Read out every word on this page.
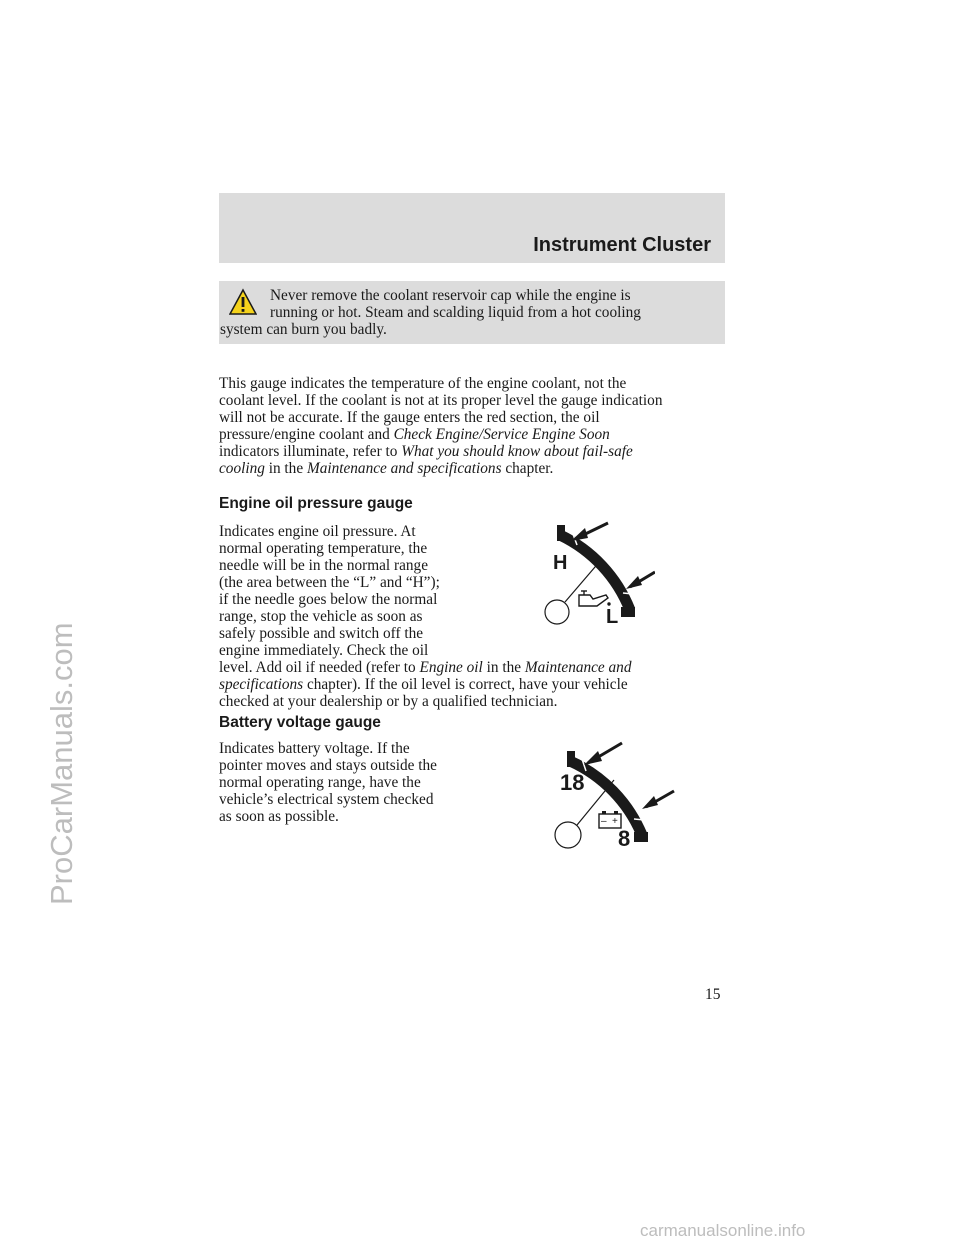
ProCarManuals.com
carmanualsonline.info
Instrument Cluster

Never remove the coolant reservoir cap while the engine is
running or hot. Steam and scalding liquid from a hot cooling
system can burn you badly.

This gauge indicates the temperature of the engine coolant, not the
coolant level. If the coolant is not at its proper level the gauge indication
will not be accurate. If the gauge enters the red section, the oil
pressure/engine coolant and Check Engine/Service Engine Soon
indicators illuminate, refer to What you should know about fail-safe
cooling in the Maintenance and specifications chapter.
Engine oil pressure gauge
Indicates engine oil pressure. At
normal operating temperature, the
needle will be in the normal range
(the area between the “L” and “H”);
if the needle goes below the normal
range, stop the vehicle as soon as
safely possible and switch off the
engine immediately. Check the oil
level. Add oil if needed (refer to Engine oil in the Maintenance and
specifications chapter). If the oil level is correct, have your vehicle
checked at your dealership or by a qualified technician.
H
L
Battery voltage gauge
Indicates battery voltage. If the
pointer moves and stays outside the
normal operating range, have the
vehicle’s electrical system checked
as soon as possible.
18
8
– +
15
